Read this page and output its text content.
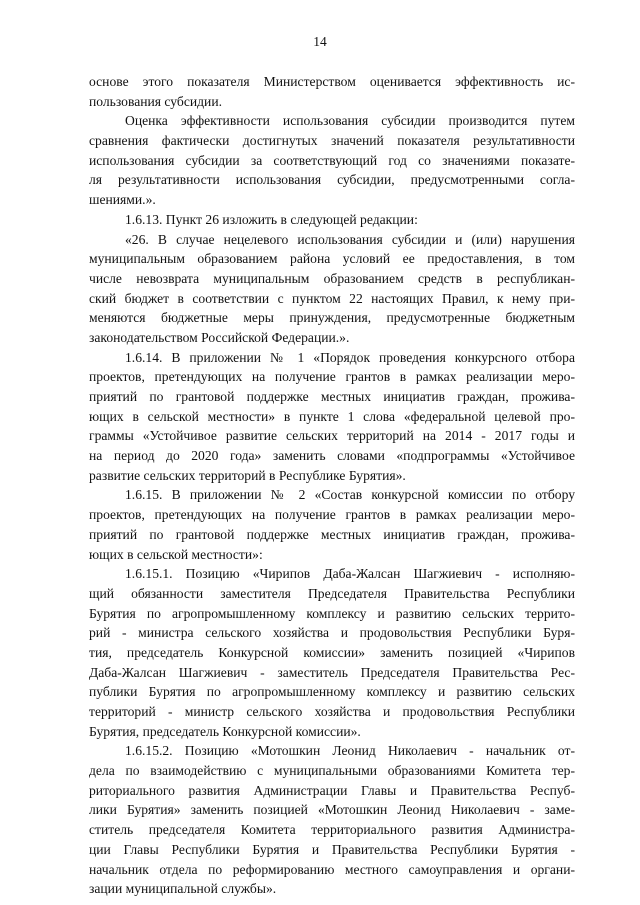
14
основе этого показателя Министерством оценивается эффективность ис-
пользования субсидии.
Оценка эффективности использования субсидии производится путем
сравнения фактически достигнутых значений показателя результативности
использования субсидии за соответствующий год со значениями показате-
ля результативности использования субсидии, предусмотренными согла-
шениями.».
1.6.13. Пункт 26 изложить в следующей редакции:
«26. В случае нецелевого использования субсидии и (или) нарушения
муниципальным образованием района условий ее предоставления, в том
числе невозврата муниципальным образованием средств в республикан-
ский бюджет в соответствии с пунктом 22 настоящих Правил, к нему при-
меняются бюджетные меры принуждения, предусмотренные бюджетным
законодательством Российской Федерации.».
1.6.14. В приложении № 1 «Порядок проведения конкурсного отбора
проектов, претендующих на получение грантов в рамках реализации меро-
приятий по грантовой поддержке местных инициатив граждан, прожива-
ющих в сельской местности» в пункте 1 слова «федеральной целевой про-
граммы «Устойчивое развитие сельских территорий на 2014 - 2017 годы и
на период до 2020 года» заменить словами «подпрограммы «Устойчивое
развитие сельских территорий в Республике Бурятия».
1.6.15. В приложении № 2 «Состав конкурсной комиссии по отбору
проектов, претендующих на получение грантов в рамках реализации меро-
приятий по грантовой поддержке местных инициатив граждан, прожива-
ющих в сельской местности»:
1.6.15.1. Позицию «Чирипов Даба-Жалсан Шагжиевич - исполняю-
щий обязанности заместителя Председателя Правительства Республики
Бурятия по агропромышленному комплексу и развитию сельских террито-
рий - министра сельского хозяйства и продовольствия Республики Буря-
тия, председатель Конкурсной комиссии» заменить позицией «Чирипов
Даба-Жалсан Шагжиевич - заместитель Председателя Правительства Рес-
публики Бурятия по агропромышленному комплексу и развитию сельских
территорий - министр сельского хозяйства и продовольствия Республики
Бурятия, председатель Конкурсной комиссии».
1.6.15.2. Позицию «Мотошкин Леонид Николаевич - начальник от-
дела по взаимодействию с муниципальными образованиями Комитета тер-
риториального развития Администрации Главы и Правительства Респуб-
лики Бурятия» заменить позицией «Мотошкин Леонид Николаевич - заме-
ститель председателя Комитета территориального развития Администра-
ции Главы Республики Бурятия и Правительства Республики Бурятия -
начальник отдела по реформированию местного самоуправления и органи-
зации муниципальной службы».
